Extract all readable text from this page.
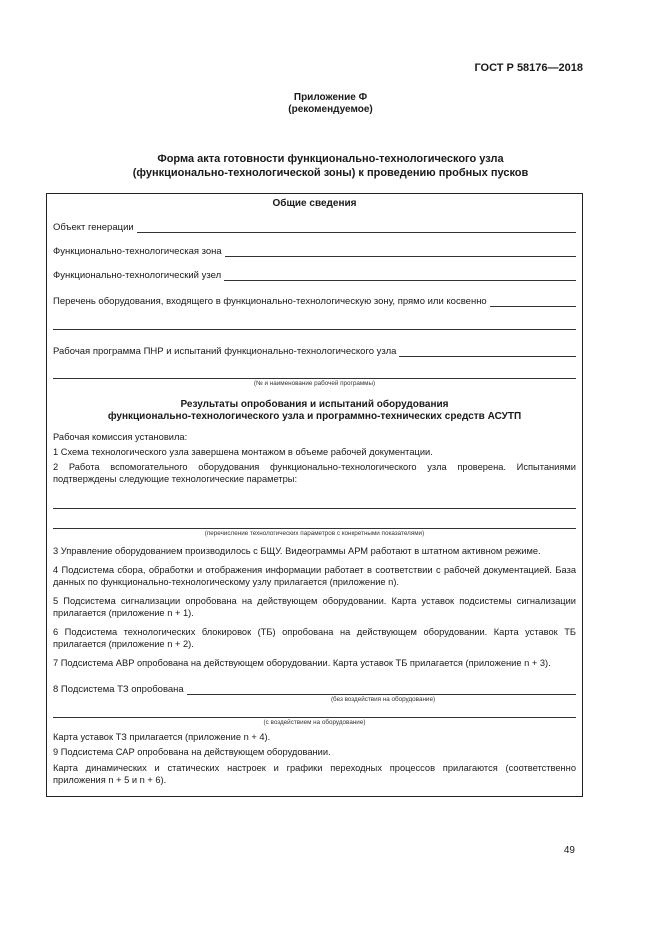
ГОСТ Р 58176—2018
Приложение Ф
(рекомендуемое)
Форма акта готовности функционально-технологического узла
(функционально-технологической зоны) к проведению пробных пусков
Общие сведения
Объект генерации
Функционально-технологическая зона
Функционально-технологический узел
Перечень оборудования, входящего в функционально-технологическую зону, прямо или косвенно
Рабочая программа ПНР и испытаний функционально-технологического узла
(№ и наименование рабочей программы)
Результаты опробования и испытаний оборудования
функционально-технологического узла и программно-технических средств АСУТП
Рабочая комиссия установила:
1 Схема технологического узла завершена монтажом в объеме рабочей документации.
2 Работа вспомогательного оборудования функционально-технологического узла проверена. Испытаниями подтверждены следующие технологические параметры:
(перечисление технологических параметров с конкретными показателями)
3 Управление оборудованием производилось с БЩУ. Видеограммы АРМ работают в штатном активном режиме.
4 Подсистема сбора, обработки и отображения информации работает в соответствии с рабочей документацией. База данных по функционально-технологическому узлу прилагается (приложение n).
5 Подсистема сигнализации опробована на действующем оборудовании. Карта уставок подсистемы сигнализации прилагается (приложение n + 1).
6 Подсистема технологических блокировок (ТБ) опробована на действующем оборудовании. Карта уставок ТБ прилагается (приложение n + 2).
7 Подсистема АВР опробована на действующем оборудовании. Карта уставок ТБ прилагается (приложение n + 3).
8 Подсистема ТЗ опробована
(без воздействия на оборудование)
(с воздействием на оборудование)
Карта уставок ТЗ прилагается (приложение n + 4).
9 Подсистема САР опробована на действующем оборудовании.
Карта динамических и статических настроек и графики переходных процессов прилагаются (соответственно приложения n + 5 и n + 6).
49
